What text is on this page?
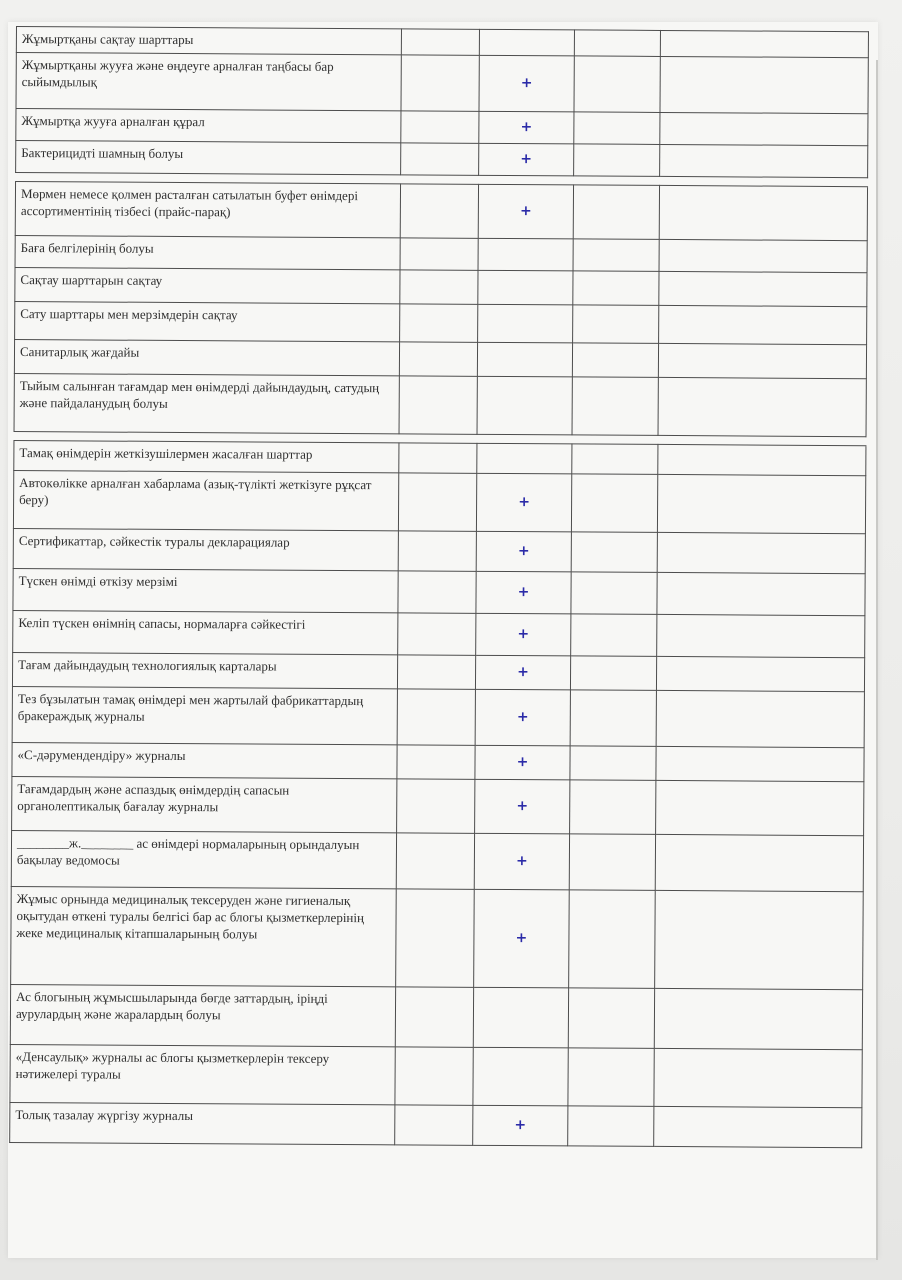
Жұмыртқаны сақтау шарттары				
Жұмыртқаны жууға және өңдеуге арналған таңбасы бар сыйымдылық		+		
Жұмыртқа жууға арналған құрал		+		
Бактерицидті шамның болуы		+		

Мөрмен немесе қолмен расталған сатылатын буфет өнімдері ассортиментінің тізбесі (прайс-парақ)		+		
Баға белгілерінің болуы				
Сақтау шарттарын сақтау				
Сату шарттары мен мерзімдерін сақтау				
Санитарлық жағдайы				
Тыйым салынған тағамдар мен өнімдерді дайындаудың, сатудың және пайдаланудың болуы				

Тамақ өнімдерін жеткізушілермен жасалған шарттар				
Автокөлікке арналған хабарлама (азық-түлікті жеткізуге рұқсат беру)		+		
Сертификаттар, сәйкестік туралы декларациялар		+		
Түскен өнімді өткізу мерзімі		+		
Келіп түскен өнімнің сапасы, нормаларға сәйкестігі		+		
Тағам дайындаудың технологиялық карталары		+		
Тез бұзылатын тамақ өнімдері мен жартылай фабрикаттардың бракераждық журналы		+		
«С-дәрумендендіру» журналы		+		
Тағамдардың және аспаздық өнімдердің сапасын органолептикалық бағалау журналы		+		
________ж.________ ас өнімдері нормаларының орындалуын бақылау ведомосы		+		
Жұмыс орнында медициналық тексеруден және гигиеналық оқытудан өткені туралы белгісі бар ас блогы қызметкерлерінің жеке медициналық кітапшаларының болуы		+		
Ас блогының жұмысшыларында бөгде заттардың, іріңді аурулардың және жаралардың болуы				
«Денсаулық» журналы ас блогы қызметкерлерін тексеру нәтижелері туралы				
Толық тазалау жүргізу журналы		+		
